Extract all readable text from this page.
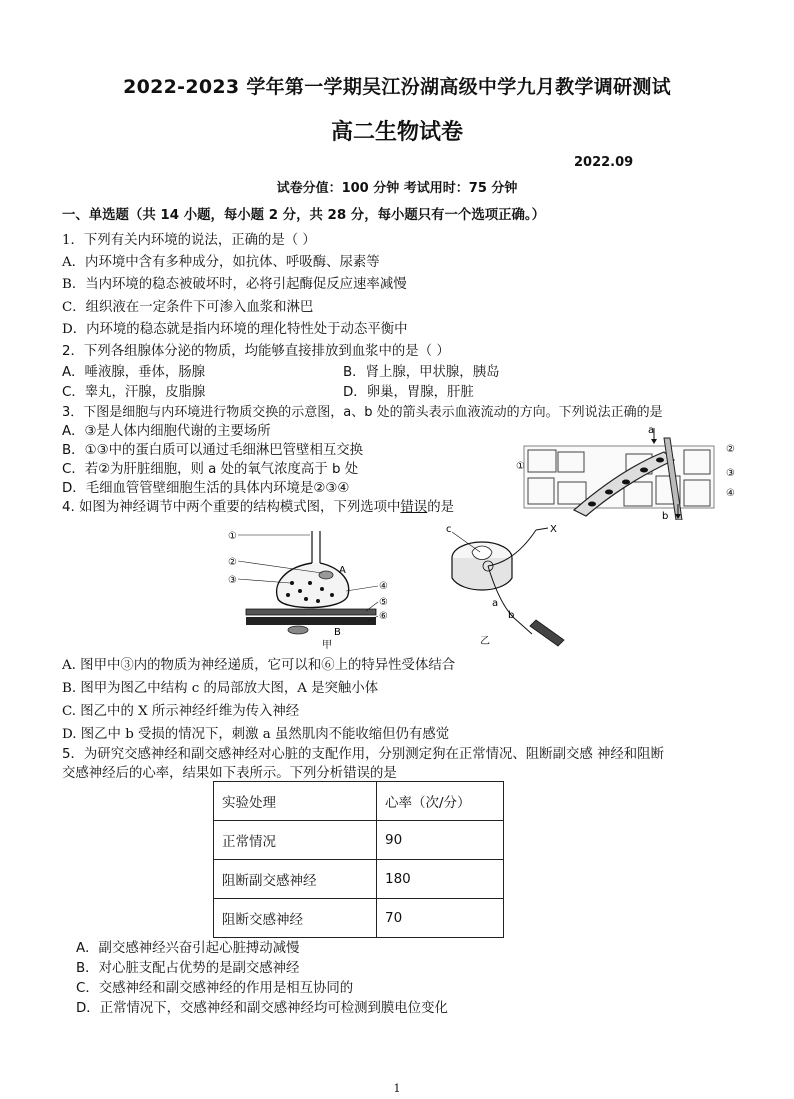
2022-2023 学年第一学期吴江汾湖高级中学九月教学调研测试
高二生物试卷
2022.09
试卷分值：100 分钟 考试用时：75 分钟
一、单选题（共 14 小题，每小题 2 分，共 28 分，每小题只有一个选项正确。）
1．下列有关内环境的说法，正确的是（ ）
A．内环境中含有多种成分，如抗体、呼吸酶、尿素等
B．当内环境的稳态被破坏时，必将引起酶促反应速率减慢
C．组织液在一定条件下可渗入血浆和淋巴
D．内环境的稳态就是指内环境的理化特性处于动态平衡中
2．下列各组腺体分泌的物质，均能够直接排放到血浆中的是（ ）
A．唾液腺，垂体，肠腺	B．肾上腺，甲状腺，胰岛
C．睾丸，汗腺，皮脂腺	D．卵巢，胃腺，肝脏
3．下图是细胞与内环境进行物质交换的示意图，a、b 处的箭头表示血液流动的方向。下列说法正确的是
A．③是人体内细胞代谢的主要场所
B．①③中的蛋白质可以通过毛细淋巴管壁相互交换
C．若②为肝脏细胞，则 a 处的氧气浓度高于 b 处
D．毛细血管管壁细胞生活的具体内环境是②③④
a
b
①
②
③
④
4. 如图为神经调节中两个重要的结构模式图，下列选项中错误的是
①
②
③
A
④
⑤
⑥
B
甲
c	X
a
b
乙
A. 图甲中③内的物质为神经递质，它可以和⑥上的特异性受体结合
B. 图甲为图乙中结构 c 的局部放大图，A 是突触小体
C. 图乙中的 X 所示神经纤维为传入神经
D. 图乙中 b 受损的情况下，刺激 a 虽然肌肉不能收缩但仍有感觉
5．为研究交感神经和副交感神经对心脏的支配作用，分别测定狗在正常情况、阻断副交感 神经和阻断
交感神经后的心率，结果如下表所示。下列分析错误的是
实验处理	心率（次/分）
正常情况	90
阻断副交感神经	180
阻断交感神经	70
A．副交感神经兴奋引起心脏搏动减慢
B．对心脏支配占优势的是副交感神经
C．交感神经和副交感神经的作用是相互协同的
D．正常情况下，交感神经和副交感神经均可检测到膜电位变化
1
